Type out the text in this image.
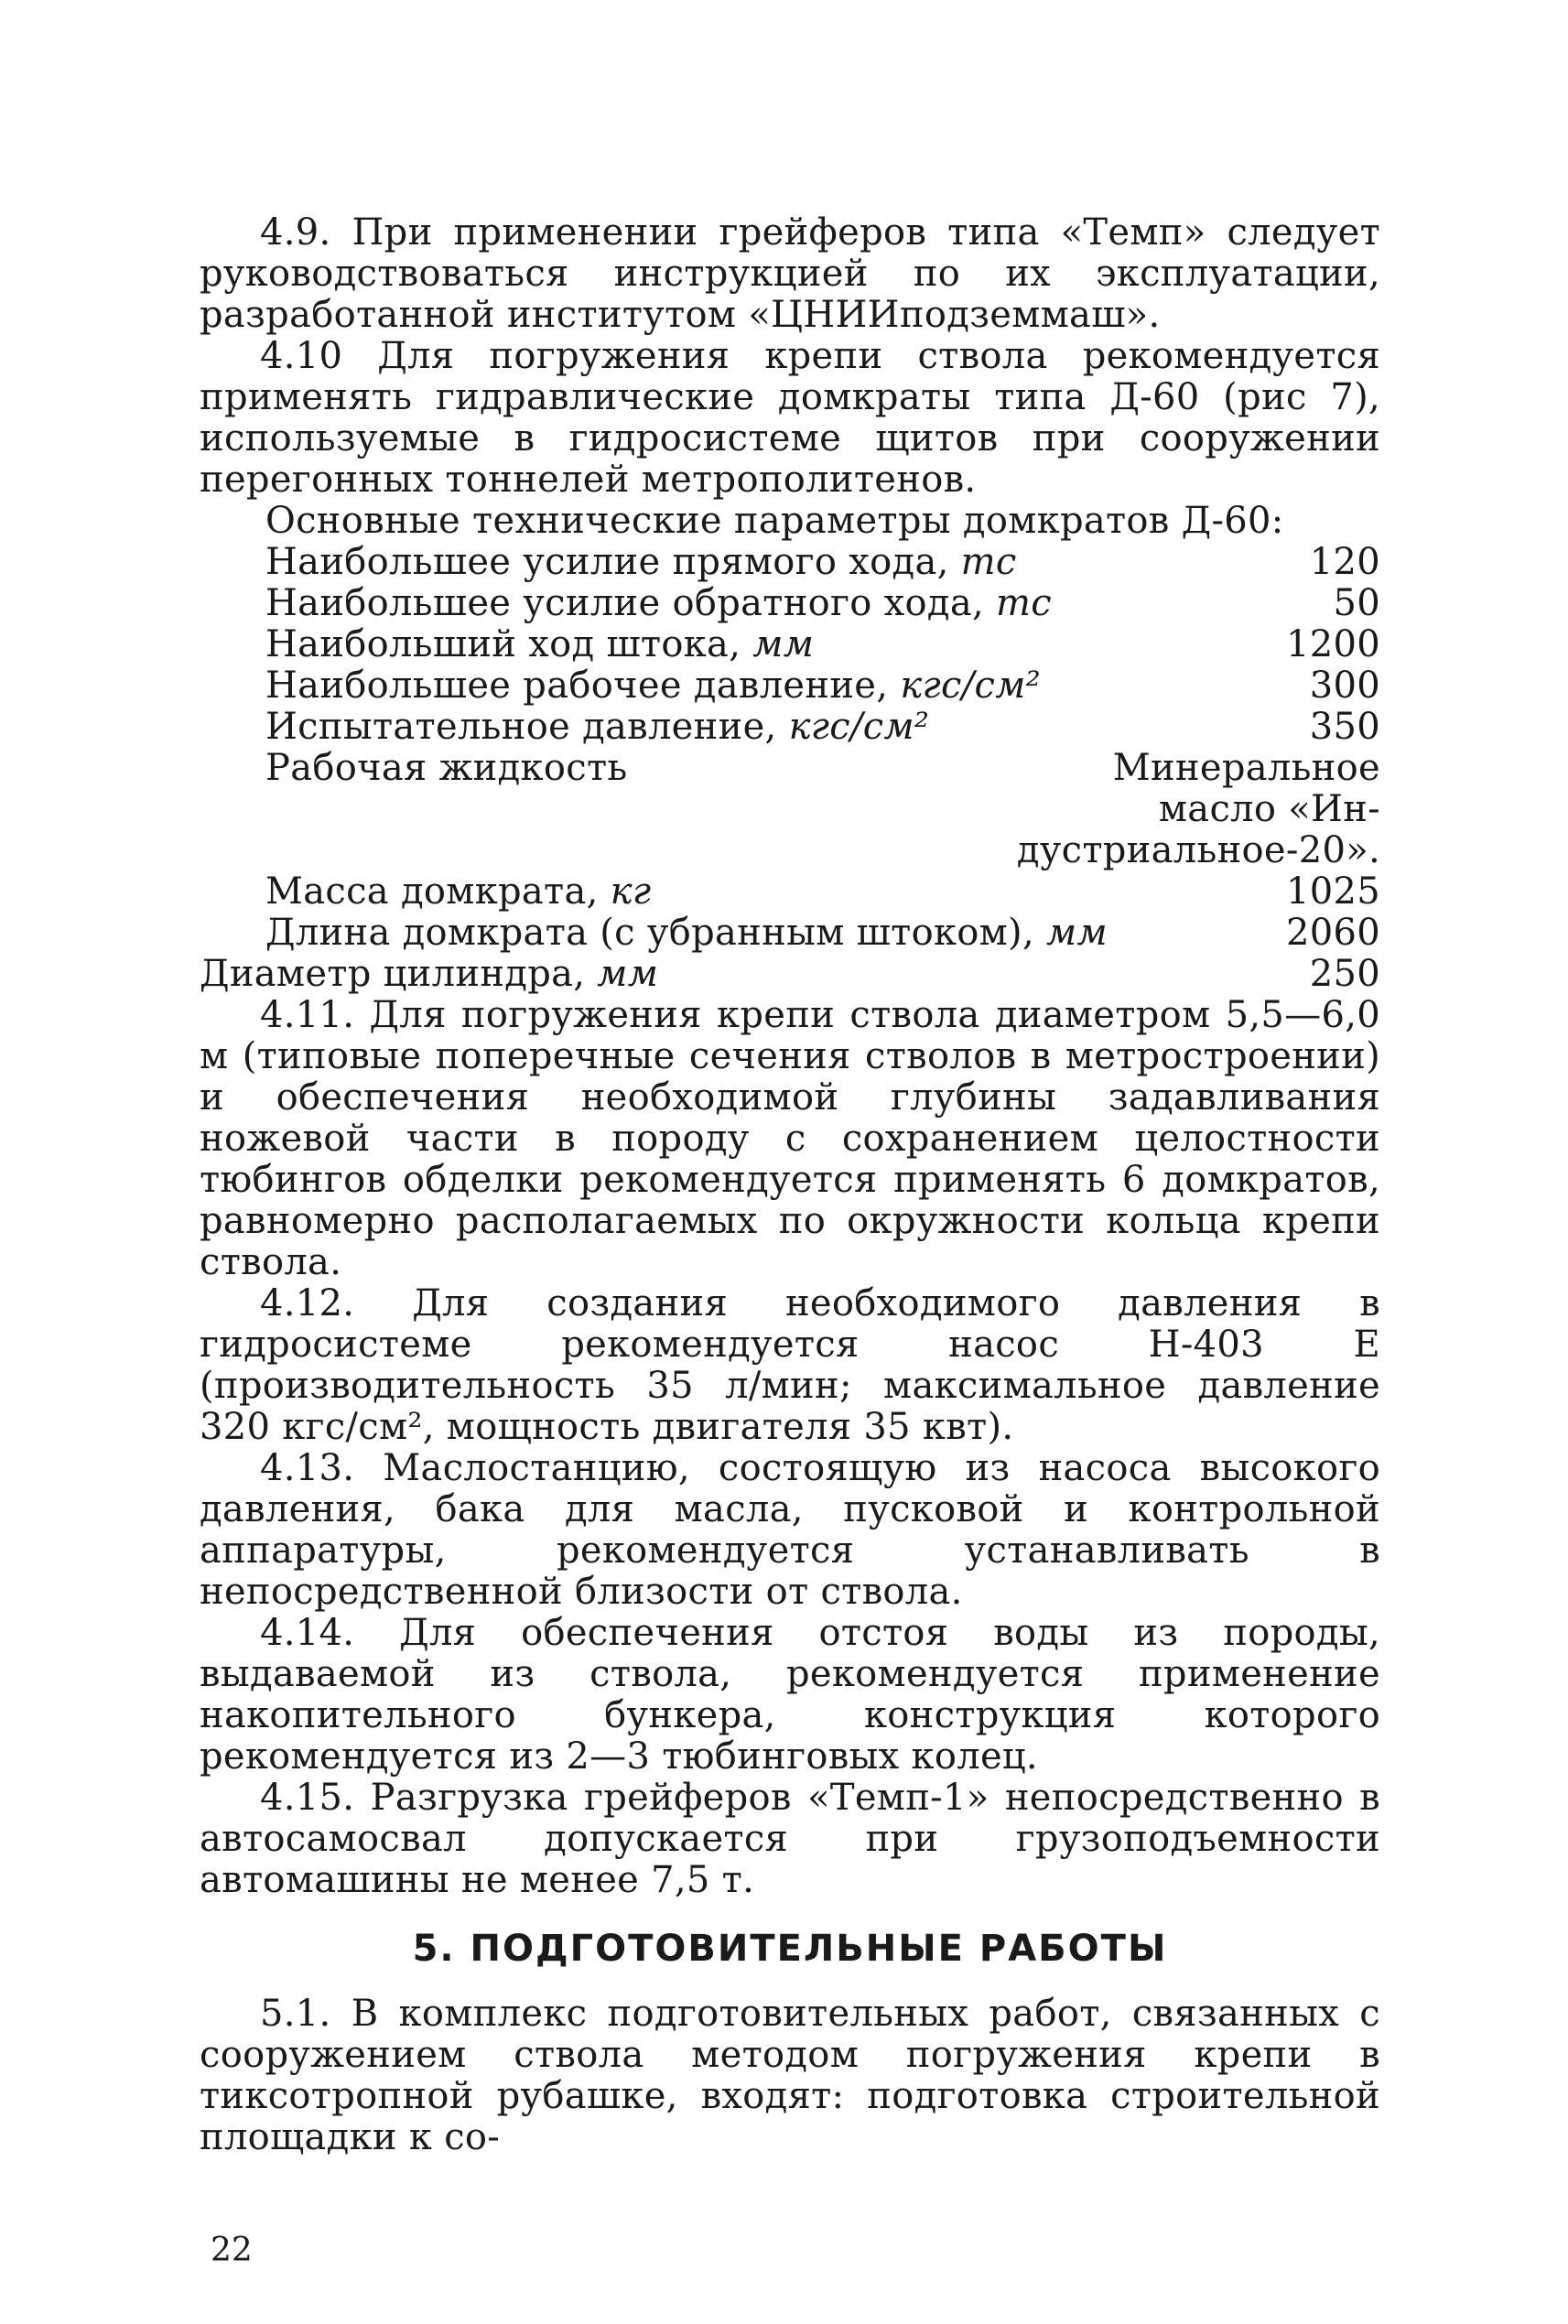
4.9. При применении грейферов типа «Темп» следует руководствоваться инструкцией по их эксплуатации, разработанной институтом «ЦНИИподземмаш».

4.10 Для погружения крепи ствола рекомендуется применять гидравлические домкраты типа Д-60 (рис 7), используемые в гидросистеме щитов при сооружении перегонных тоннелей метрополитенов.

Основные технические параметры домкратов Д-60:

Наибольшее усилие прямого хода, тс	120
Наибольшее усилие обратного хода, тс	50
Наибольший ход штока, мм	1200
Наибольшее рабочее давление, кгс/см²	300
Испытательное давление, кгс/см²	350
Рабочая жидкость	Минеральное
масло «Ин-
дустриальное-20».
Масса домкрата, кг	1025
Длина домкрата (с убранным штоком), мм	2060
Диаметр цилиндра, мм	250

4.11. Для погружения крепи ствола диаметром 5,5—6,0 м (типовые поперечные сечения стволов в метростроении) и обеспечения необходимой глубины задавливания ножевой части в породу с сохранением целостности тюбингов обделки рекомендуется применять 6 домкратов, равномерно располагаемых по окружности кольца крепи ствола.

4.12. Для создания необходимого давления в гидросистеме рекомендуется насос Н-403 Е (производительность 35 л/мин; максимальное давление 320 кгс/см², мощность двигателя 35 квт).

4.13. Маслостанцию, состоящую из насоса высокого давления, бака для масла, пусковой и контрольной аппаратуры, рекомендуется устанавливать в непосредственной близости от ствола.

4.14. Для обеспечения отстоя воды из породы, выдаваемой из ствола, рекомендуется применение накопительного бункера, конструкция которого рекомендуется из 2—3 тюбинговых колец.

4.15. Разгрузка грейферов «Темп-1» непосредственно в автосамосвал допускается при грузоподъемности автомашины не менее 7,5 т.

5. ПОДГОТОВИТЕЛЬНЫЕ РАБОТЫ

5.1. В комплекс подготовительных работ, связанных с сооружением ствола методом погружения крепи в тиксотропной рубашке, входят: подготовка строительной площадки к со-

22
